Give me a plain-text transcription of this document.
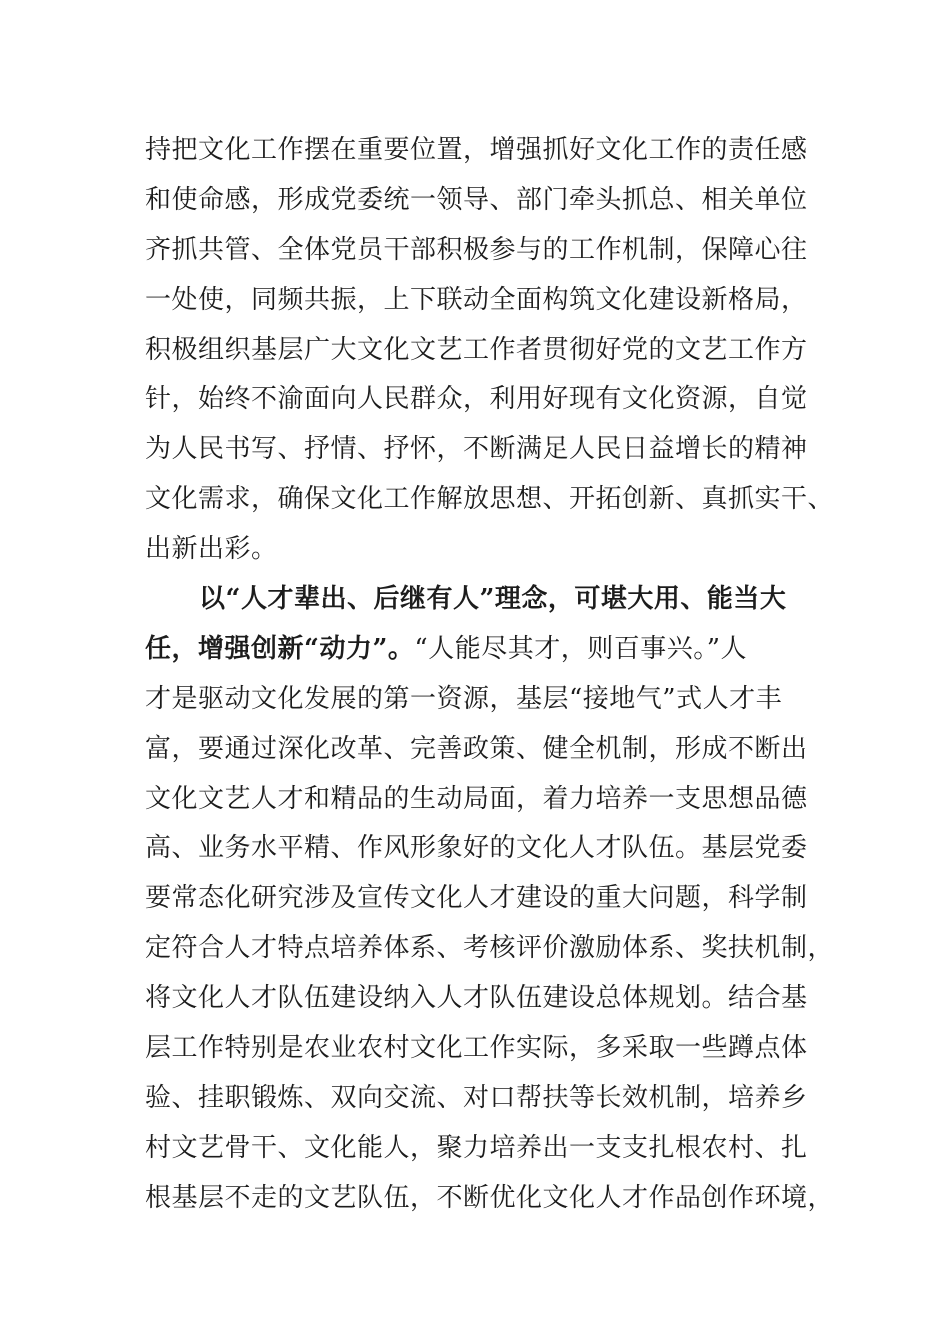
持把文化工作摆在重要位置，增强抓好文化工作的责任感
和使命感，形成党委统一领导、部门牵头抓总、相关单位
齐抓共管、全体党员干部积极参与的工作机制，保障心往
一处使，同频共振，上下联动全面构筑文化建设新格局，
积极组织基层广大文化文艺工作者贯彻好党的文艺工作方
针，始终不渝面向人民群众，利用好现有文化资源，自觉
为人民书写、抒情、抒怀，不断满足人民日益增长的精神
文化需求，确保文化工作解放思想、开拓创新、真抓实干、
出新出彩。
以“人才辈出、后继有人”理念，可堪大用、能当大
任，增强创新“动力”。“人能尽其才，则百事兴。”人
才是驱动文化发展的第一资源，基层“接地气”式人才丰
富，要通过深化改革、完善政策、健全机制，形成不断出
文化文艺人才和精品的生动局面，着力培养一支思想品德
高、业务水平精、作风形象好的文化人才队伍。基层党委
要常态化研究涉及宣传文化人才建设的重大问题，科学制
定符合人才特点培养体系、考核评价激励体系、奖扶机制，
将文化人才队伍建设纳入人才队伍建设总体规划。结合基
层工作特别是农业农村文化工作实际，多采取一些蹲点体
验、挂职锻炼、双向交流、对口帮扶等长效机制，培养乡
村文艺骨干、文化能人，聚力培养出一支支扎根农村、扎
根基层不走的文艺队伍，不断优化文化人才作品创作环境，
